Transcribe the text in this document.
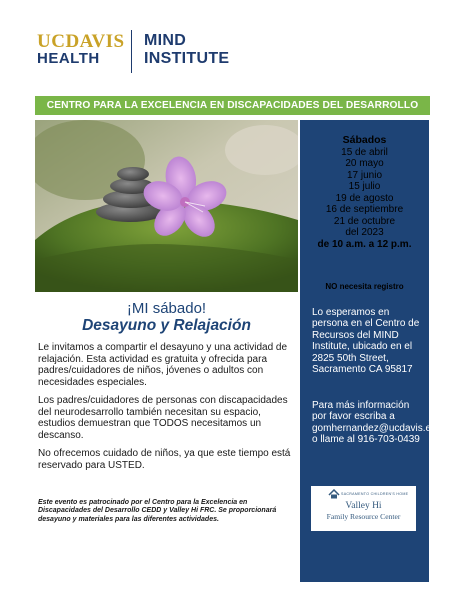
UCDAVIS
HEALTH
MIND
INSTITUTE
CENTRO PARA LA EXCELENCIA EN DISCAPACIDADES DEL DESARROLLO
Sábados
15 de abril
20 mayo
17 junio
15 julio
19 de agosto
16 de septiembre
21 de octubre
del 2023
de 10 a.m. a 12 p.m.
NO necesita registro
Lo esperamos en persona en el Centro de Recursos del MIND Institute, ubicado en el 2825 50th Street, Sacramento CA 95817
Para más información por favor escriba a gomhernandez@ucdavis.edu o llame al 916-703-0439
SACRAMENTO CHILDREN'S HOME
Valley Hi
Family Resource Center
¡MI sábado!
Desayuno y Relajación
Le invitamos a compartir el desayuno y una actividad de relajación. Esta actividad es gratuita y ofrecida para padres/cuidadores de niños, jóvenes o adultos con necesidades especiales.
Los padres/cuidadores de personas con discapacidades del neurodesarrollo también necesitan su espacio, estudios demuestran que TODOS necesitamos un descanso.
No ofrecemos cuidado de niños, ya que este tiempo está reservado para USTED.
Este evento es patrocinado por el Centro para la Excelencia en Discapacidades del Desarrollo CEDD y Valley Hi FRC. Se proporcionará desayuno y materiales para las diferentes actividades.
